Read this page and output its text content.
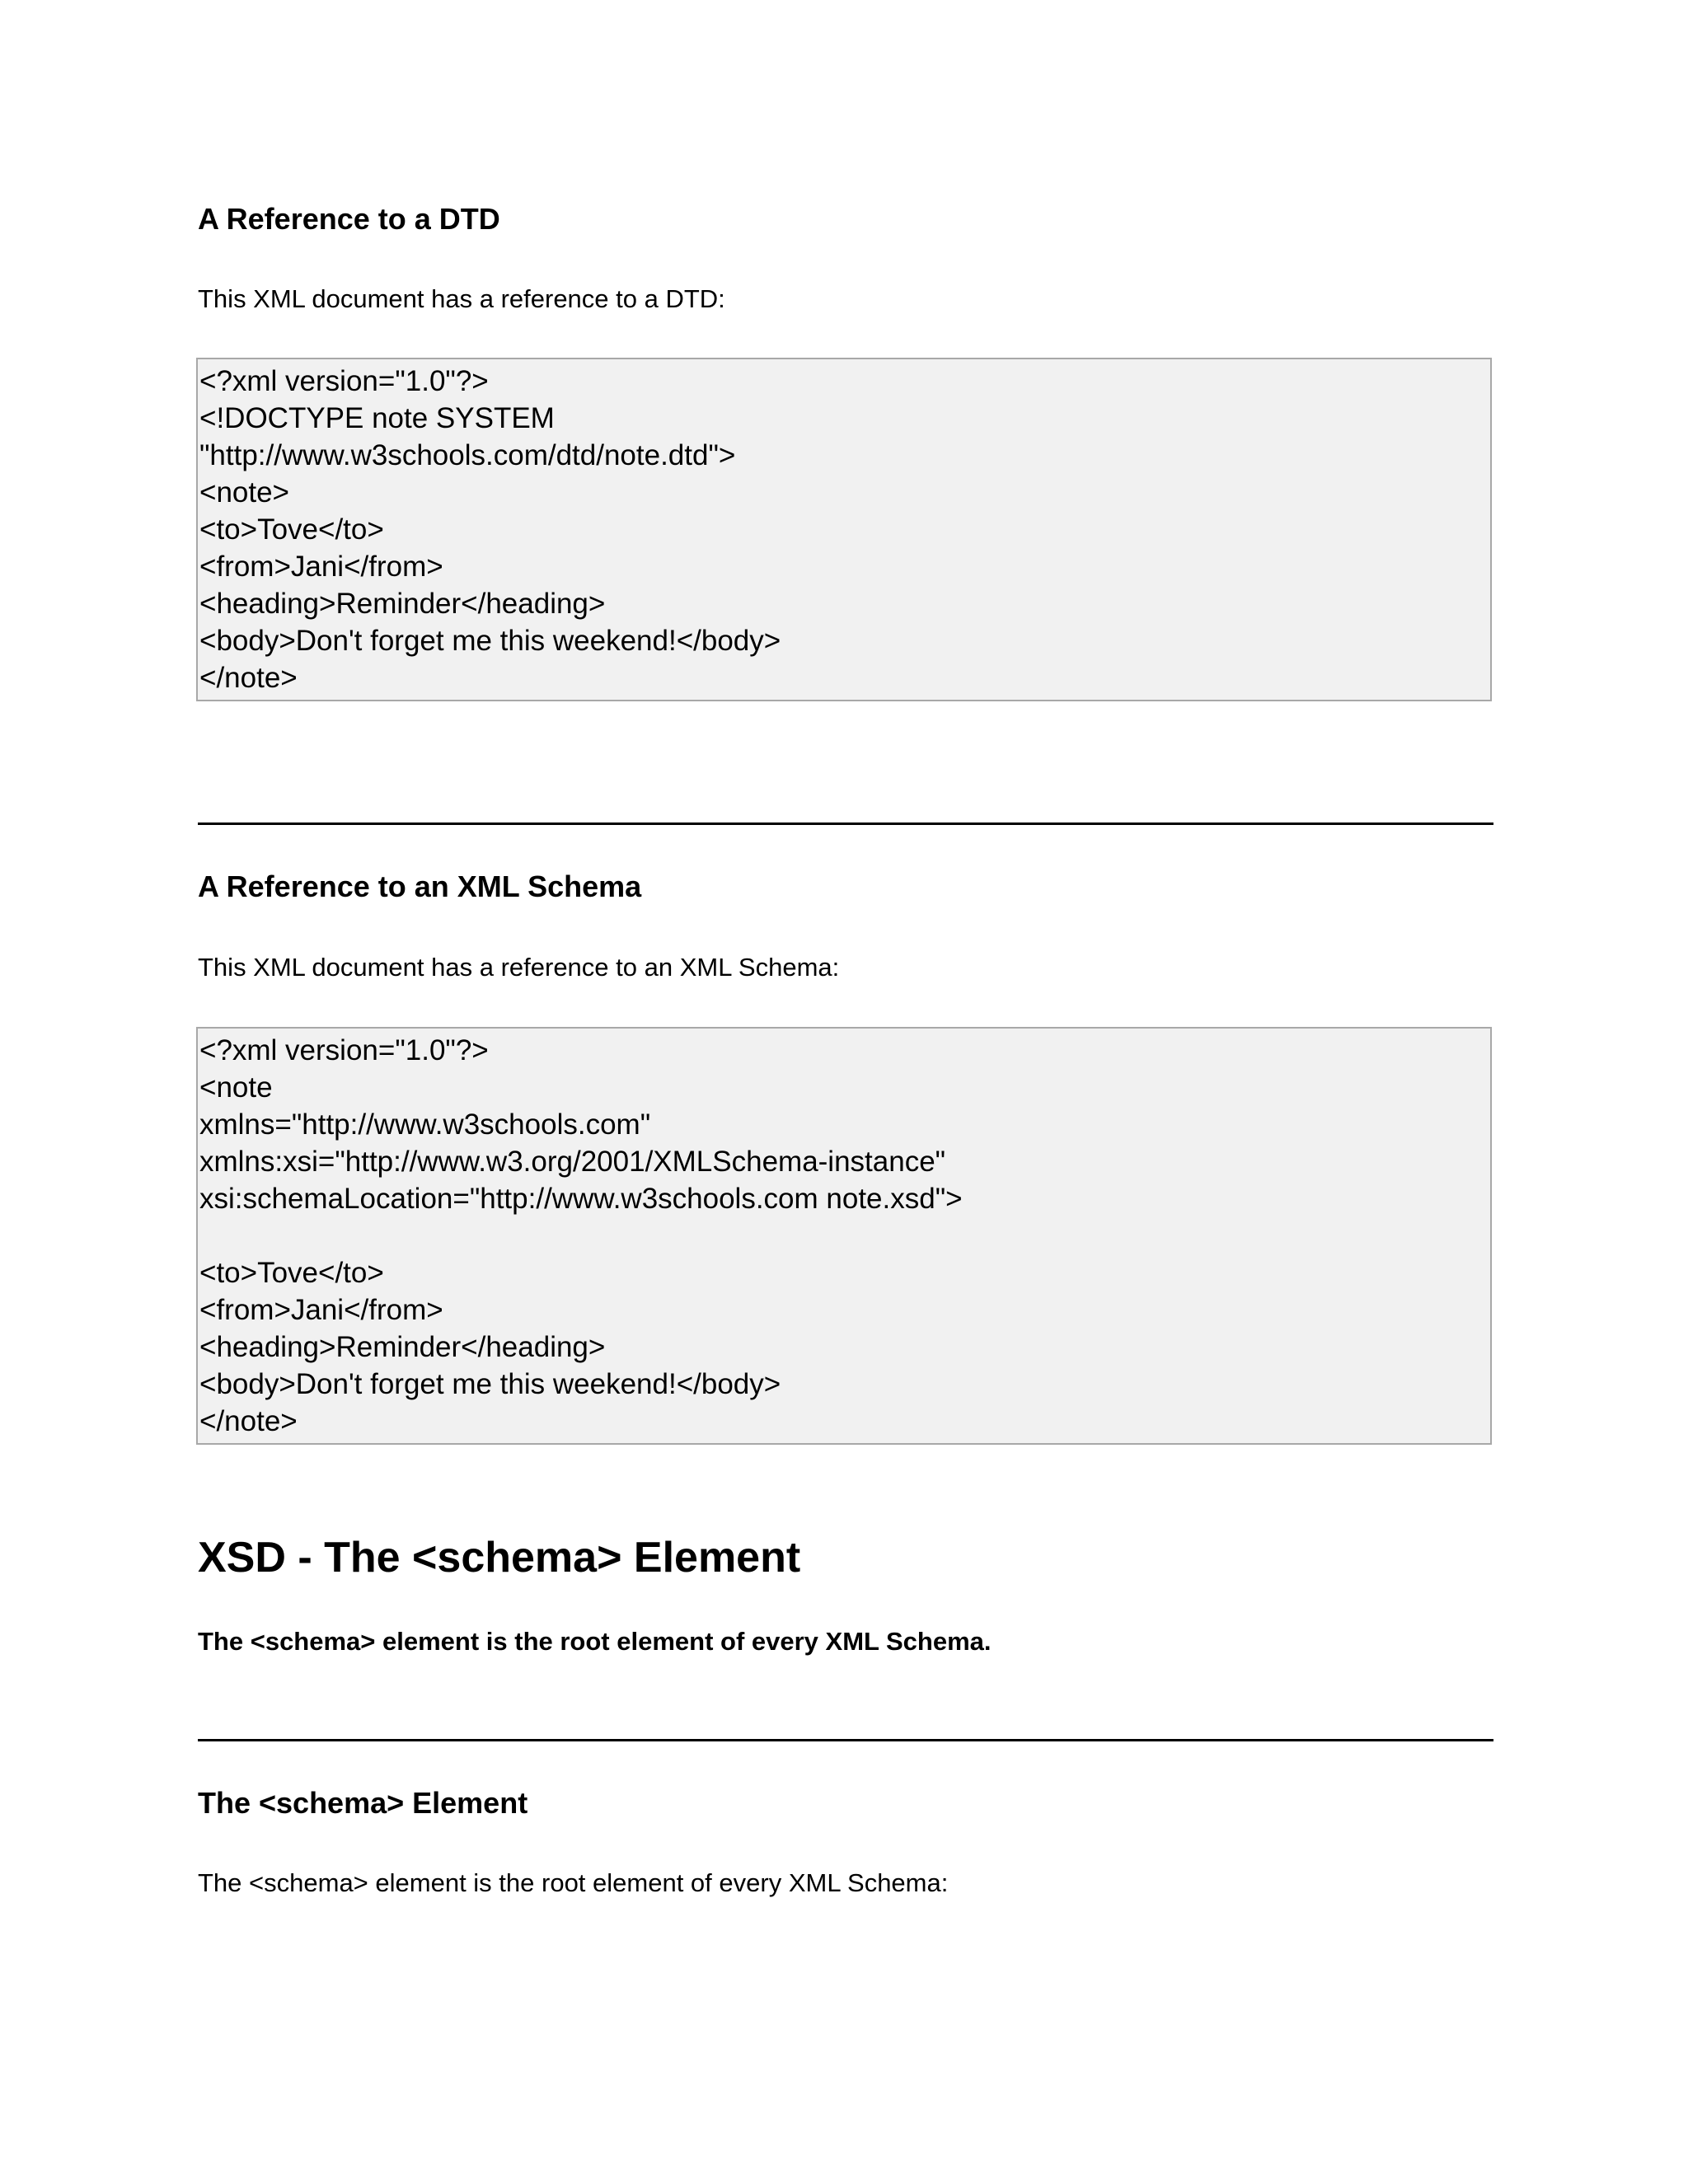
A Reference to a DTD
This XML document has a reference to a DTD:
<?xml version="1.0"?>
<!DOCTYPE note SYSTEM
"http://www.w3schools.com/dtd/note.dtd">
<note>
<to>Tove</to>
<from>Jani</from>
<heading>Reminder</heading>
<body>Don't forget me this weekend!</body>
</note>
A Reference to an XML Schema
This XML document has a reference to an XML Schema:
<?xml version="1.0"?>
<note
xmlns="http://www.w3schools.com"
xmlns:xsi="http://www.w3.org/2001/XMLSchema-instance"
xsi:schemaLocation="http://www.w3schools.com note.xsd">
<to>Tove</to>
<from>Jani</from>
<heading>Reminder</heading>
<body>Don't forget me this weekend!</body>
</note>
XSD - The <schema> Element
The <schema> element is the root element of every XML Schema.
The <schema> Element
The <schema> element is the root element of every XML Schema:
